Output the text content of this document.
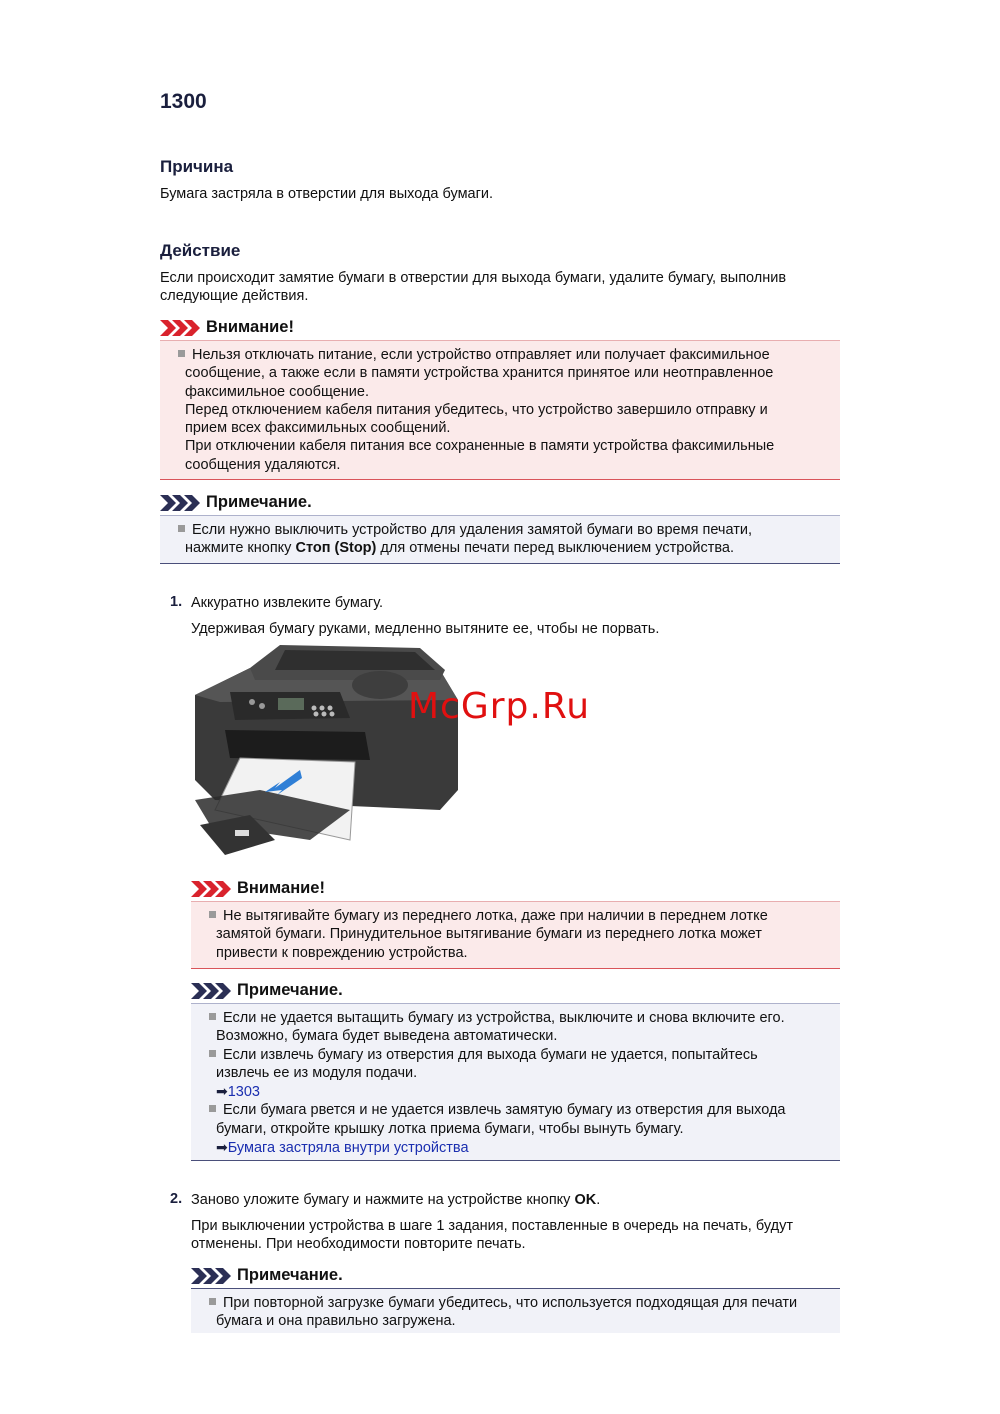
1300
Причина
Бумага застряла в отверстии для выхода бумаги.
Действие
Если происходит замятие бумаги в отверстии для выхода бумаги, удалите бумагу, выполнив
следующие действия.
Внимание!
Нельзя отключать питание, если устройство отправляет или получает факсимильное
сообщение, а также если в памяти устройства хранится принятое или неотправленное
факсимильное сообщение.
Перед отключением кабеля питания убедитесь, что устройство завершило отправку и
прием всех факсимильных сообщений.
При отключении кабеля питания все сохраненные в памяти устройства факсимильные
сообщения удаляются.
Примечание.
Если нужно выключить устройство для удаления замятой бумаги во время печати,
нажмите кнопку Стоп (Stop) для отмены печати перед выключением устройства.
1. Аккуратно извлеките бумагу.
Удерживая бумагу руками, медленно вытяните ее, чтобы не порвать.
McGrp.Ru
Внимание!
Не вытягивайте бумагу из переднего лотка, даже при наличии в переднем лотке
замятой бумаги. Принудительное вытягивание бумаги из переднего лотка может
привести к повреждению устройства.
Примечание.
Если не удается вытащить бумагу из устройства, выключите и снова включите его.
Возможно, бумага будет выведена автоматически.
Если извлечь бумагу из отверстия для выхода бумаги не удается, попытайтесь
извлечь ее из модуля подачи.
➡1303
Если бумага рвется и не удается извлечь замятую бумагу из отверстия для выхода
бумаги, откройте крышку лотка приема бумаги, чтобы вынуть бумагу.
➡Бумага застряла внутри устройства
2. Заново уложите бумагу и нажмите на устройстве кнопку OK.
При выключении устройства в шаге 1 задания, поставленные в очередь на печать, будут
отменены. При необходимости повторите печать.
Примечание.
При повторной загрузке бумаги убедитесь, что используется подходящая для печати
бумага и она правильно загружена.
